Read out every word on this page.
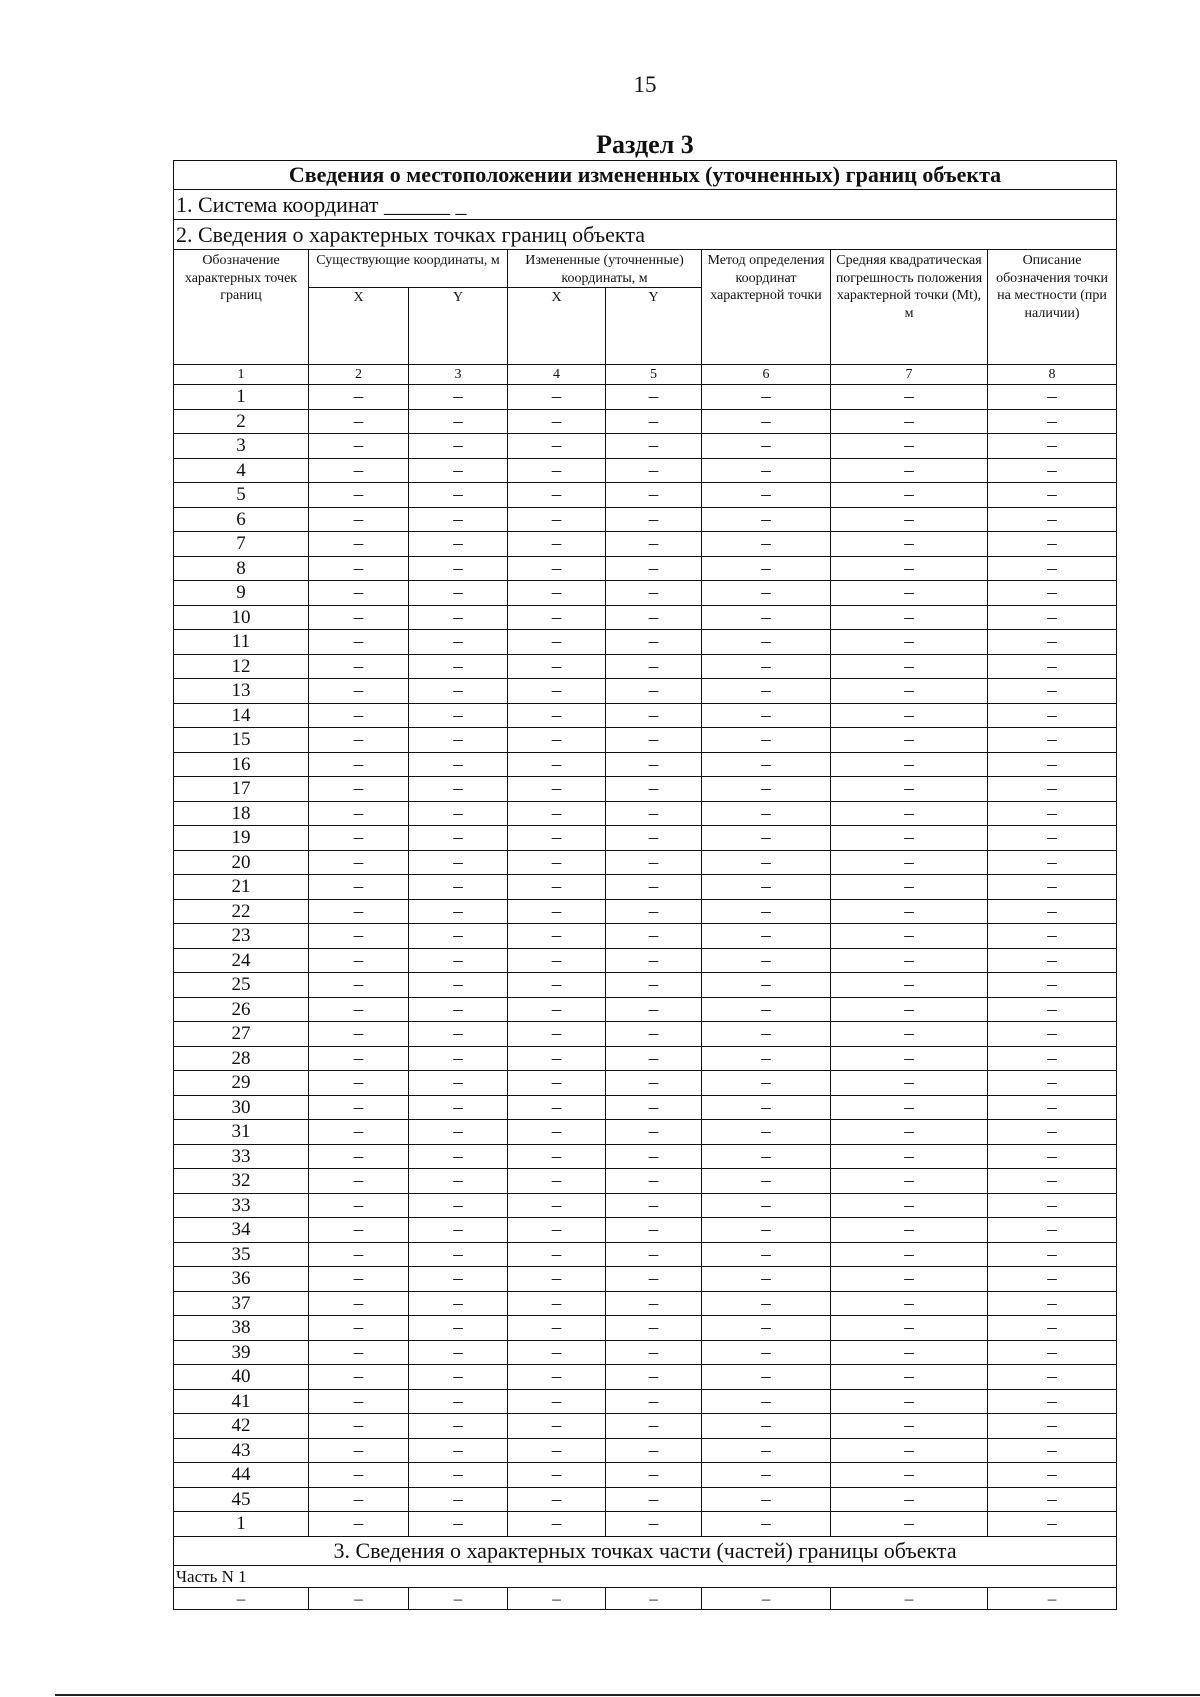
15
Раздел 3
Сведения о местоположении измененных (уточненных) границ объекта							
1. Система координат ______ _							
2. Сведения о характерных точках границ объекта							
Обозначение характерных точек границ	Существующие координаты, м		Измененные (уточненные) координаты, м		Метод определения координат характерной точки	Средняя квадратическая погрешность положения характерной точки (Mt), м	Описание обозначения точки на местности (при наличии)
	X	Y	X	Y			
1	2	3	4	5	6	7	8
1	–	–	–	–	–	–	–
2	–	–	–	–	–	–	–
3	–	–	–	–	–	–	–
4	–	–	–	–	–	–	–
5	–	–	–	–	–	–	–
6	–	–	–	–	–	–	–
7	–	–	–	–	–	–	–
8	–	–	–	–	–	–	–
9	–	–	–	–	–	–	–
10	–	–	–	–	–	–	–
11	–	–	–	–	–	–	–
12	–	–	–	–	–	–	–
13	–	–	–	–	–	–	–
14	–	–	–	–	–	–	–
15	–	–	–	–	–	–	–
16	–	–	–	–	–	–	–
17	–	–	–	–	–	–	–
18	–	–	–	–	–	–	–
19	–	–	–	–	–	–	–
20	–	–	–	–	–	–	–
21	–	–	–	–	–	–	–
22	–	–	–	–	–	–	–
23	–	–	–	–	–	–	–
24	–	–	–	–	–	–	–
25	–	–	–	–	–	–	–
26	–	–	–	–	–	–	–
27	–	–	–	–	–	–	–
28	–	–	–	–	–	–	–
29	–	–	–	–	–	–	–
30	–	–	–	–	–	–	–
31	–	–	–	–	–	–	–
33	–	–	–	–	–	–	–
32	–	–	–	–	–	–	–
33	–	–	–	–	–	–	–
34	–	–	–	–	–	–	–
35	–	–	–	–	–	–	–
36	–	–	–	–	–	–	–
37	–	–	–	–	–	–	–
38	–	–	–	–	–	–	–
39	–	–	–	–	–	–	–
40	–	–	–	–	–	–	–
41	–	–	–	–	–	–	–
42	–	–	–	–	–	–	–
43	–	–	–	–	–	–	–
44	–	–	–	–	–	–	–
45	–	–	–	–	–	–	–
1	–	–	–	–	–	–	–
3. Сведения о характерных точках части (частей) границы объекта							
Часть N 1							
–	–	–	–	–	–	–	–
